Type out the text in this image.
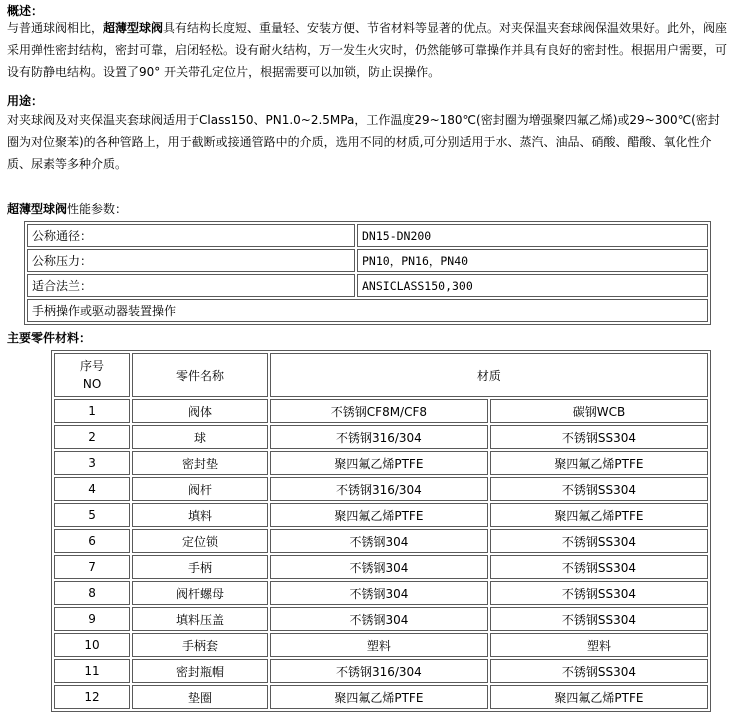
概述：

与普通球阀相比，超薄型球阀具有结构长度短、重量轻、安装方便、节省材料等显著的优点。对夹保温夹套球阀保温效果好。此外，阀座采用弹性密封结构，密封可靠，启闭轻松。设有耐火结构，万一发生火灾时，仍然能够可靠操作并具有良好的密封性。根据用户需要，可设有防静电结构。设置了90° 开关带孔定位片，根据需要可以加锁，防止误操作。

用途：

对夹球阀及对夹保温夹套球阀适用于Class150、PN1.0~2.5MPa，工作温度29~180℃(密封圈为增强聚四氟乙烯)或29~300℃(密封圈为对位聚苯)的各种管路上，用于截断或接通管路中的介质，选用不同的材质,可分别适用于水、蒸汽、油品、硝酸、醋酸、氧化性介质、尿素等多种介质。

超薄型球阀性能参数：
公称通径：	DN15-DN200
公称压力：	PN10，PN16，PN40
适合法兰：	ANSICLASS150,300
手柄操作或驱动器装置操作	
主要零件材料：
序号
NO	零件名称	材质	
1	阀体	不锈钢CF8M/CF8	碳钢WCB
2	球	不锈钢316/304	不锈钢SS304
3	密封垫	聚四氟乙烯PTFE	聚四氟乙烯PTFE
4	阀杆	不锈钢316/304	不锈钢SS304
5	填料	聚四氟乙烯PTFE	聚四氟乙烯PTFE
6	定位锁	不锈钢304	不锈钢SS304
7	手柄	不锈钢304	不锈钢SS304
8	阀杆螺母	不锈钢304	不锈钢SS304
9	填料压盖	不锈钢304	不锈钢SS304
10	手柄套	塑料	塑料
11	密封瓶帽	不锈钢316/304	不锈钢SS304
12	垫圈	聚四氟乙烯PTFE	聚四氟乙烯PTFE
